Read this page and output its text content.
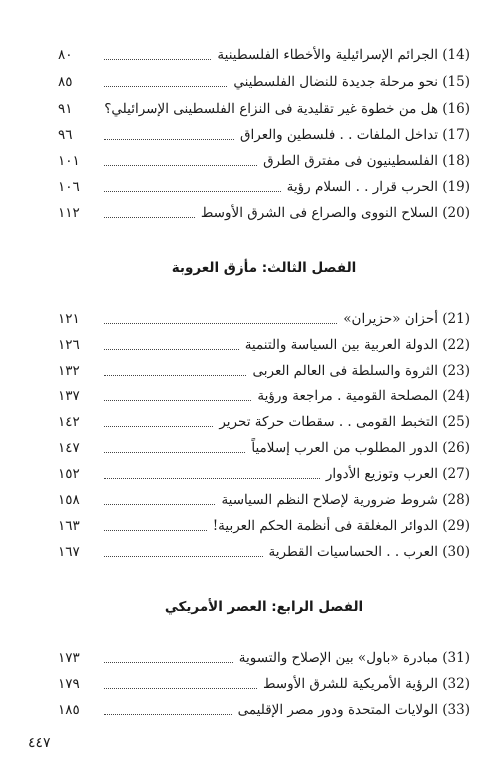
(14) الجرائم الإسرائيلية والأخطاء الفلسطينية
٨٠
(15) نحو مرحلة جديدة للنضال الفلسطيني
٨٥
(16) هل من خطوة غير تقليدية فى النزاع الفلسطينى الإسرائيلي؟
٩١
(17) تداخل الملفات . . فلسطين والعراق
٩٦
(18) الفلسطينيون فى مفترق الطرق
١٠١
(19) الحرب قرار . . السلام رؤية
١٠٦
(20) السلاح النووى والصراع فى الشرق الأوسط
١١٢
الفصل الثالث: مأزق العروبة
(21) أحزان «حزيران»
١٢١
(22) الدولة العربية بين السياسة والتنمية
١٢٦
(23) الثروة والسلطة فى العالم العربى
١٣٢
(24) المصلحة القومية . مراجعة ورؤية
١٣٧
(25) التخبط القومى . . سقطات حركة تحرير
١٤٢
(26) الدور المطلوب من العرب إسلامياً
١٤٧
(27) العرب وتوزيع الأدوار
١٥٢
(28) شروط ضرورية لإصلاح النظم السياسية
١٥٨
(29) الدوائر المغلقة فى أنظمة الحكم العربية!
١٦٣
(30) العرب . . الحساسيات القطرية
١٦٧
الفصل الرابع: العصر الأمريكي
(31) مبادرة «باول» بين الإصلاح والتسوية
١٧٣
(32) الرؤية الأمريكية للشرق الأوسط
١٧٩
(33) الولايات المتحدة ودور مصر الإقليمى
١٨٥
٤٤٧
